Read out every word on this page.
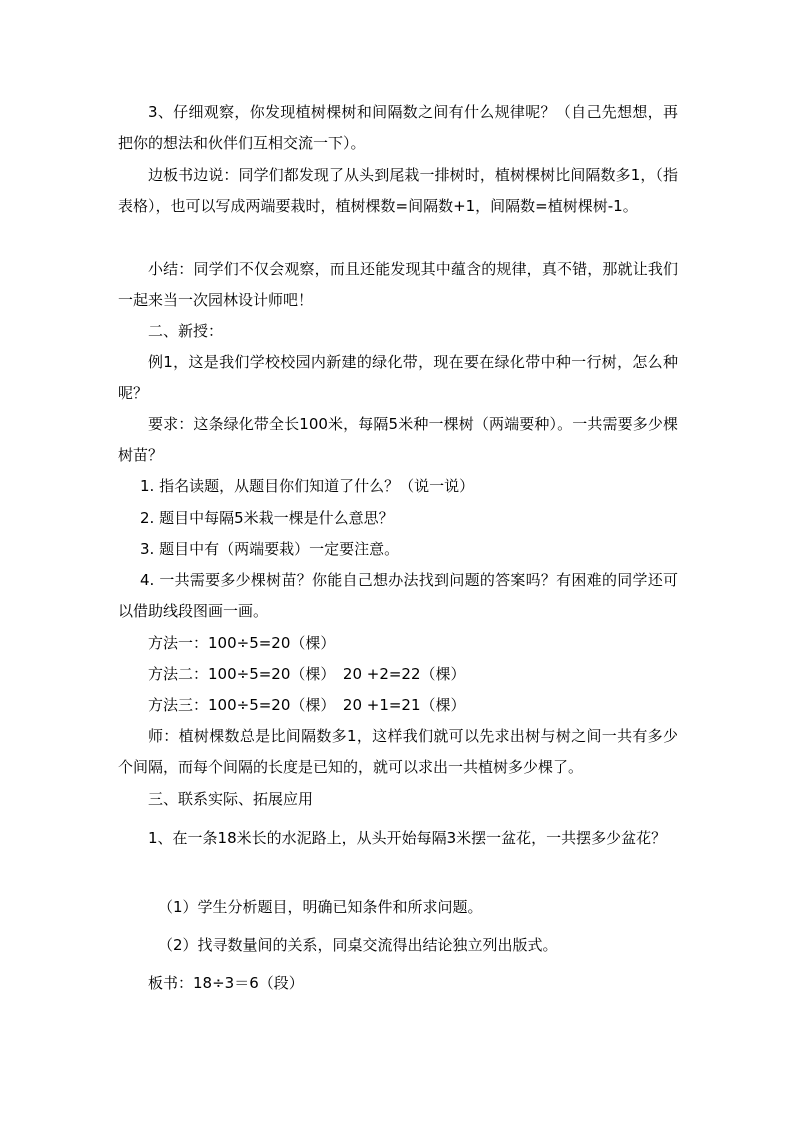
3、仔细观察，你发现植树棵树和间隔数之间有什么规律呢？（自己先想想，再把你的想法和伙伴们互相交流一下）。

边板书边说：同学们都发现了从头到尾栽一排树时，植树棵树比间隔数多1，（指表格），也可以写成两端要栽时，植树棵数=间隔数+1，间隔数=植树棵树-1。

小结：同学们不仅会观察，而且还能发现其中蕴含的规律，真不错，那就让我们一起来当一次园林设计师吧！

二、新授：

例1，这是我们学校校园内新建的绿化带，现在要在绿化带中种一行树，怎么种呢？

要求：这条绿化带全长100米，每隔5米种一棵树（两端要种）。一共需要多少棵树苗？

1. 指名读题，从题目你们知道了什么？（说一说）

2. 题目中每隔5米栽一棵是什么意思？

3. 题目中有（两端要栽）一定要注意。

4. 一共需要多少棵树苗？你能自己想办法找到问题的答案吗？有困难的同学还可以借助线段图画一画。

方法一：100÷5=20（棵）

方法二：100÷5=20（棵）　20 +2=22（棵）

方法三：100÷5=20（棵）　20 +1=21（棵）

师：植树棵数总是比间隔数多1，这样我们就可以先求出树与树之间一共有多少个间隔，而每个间隔的长度是已知的，就可以求出一共植树多少棵了。

三、联系实际、拓展应用

1、在一条18米长的水泥路上，从头开始每隔3米摆一盆花，一共摆多少盆花？

（1）学生分析题目，明确已知条件和所求问题。

（2）找寻数量间的关系，同桌交流得出结论独立列出版式。

板书：18÷3＝6（段）
